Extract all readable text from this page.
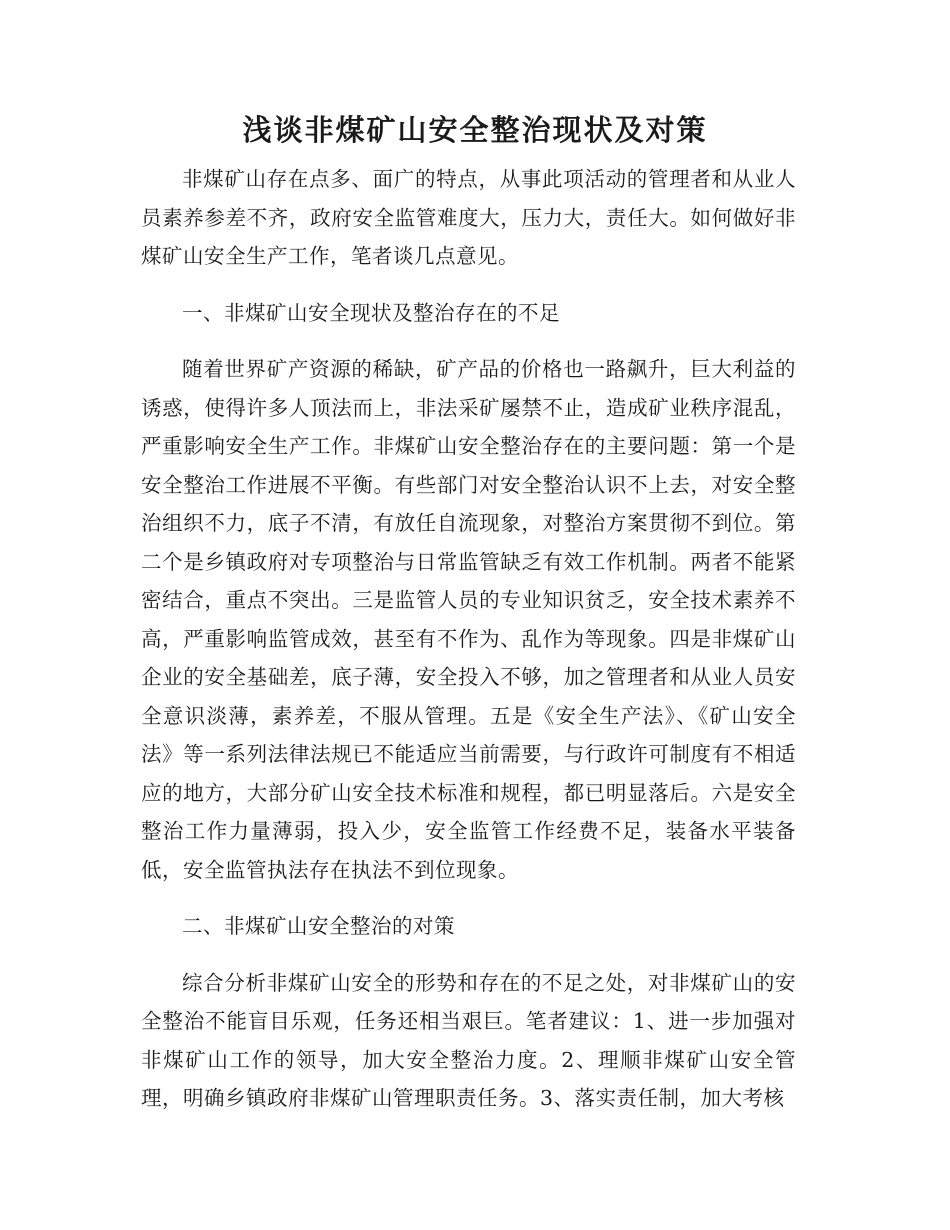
浅谈非煤矿山安全整治现状及对策

非煤矿山存在点多、面广的特点，从事此项活动的管理者和从业人员素养参差不齐，政府安全监管难度大，压力大，责任大。如何做好非煤矿山安全生产工作，笔者谈几点意见。

一、非煤矿山安全现状及整治存在的不足

随着世界矿产资源的稀缺，矿产品的价格也一路飙升，巨大利益的诱惑，使得许多人顶法而上，非法采矿屡禁不止，造成矿业秩序混乱，严重影响安全生产工作。非煤矿山安全整治存在的主要问题：第一个是安全整治工作进展不平衡。有些部门对安全整治认识不上去，对安全整治组织不力，底子不清，有放任自流现象，对整治方案贯彻不到位。第二个是乡镇政府对专项整治与日常监管缺乏有效工作机制。两者不能紧密结合，重点不突出。三是监管人员的专业知识贫乏，安全技术素养不高，严重影响监管成效，甚至有不作为、乱作为等现象。四是非煤矿山企业的安全基础差，底子薄，安全投入不够，加之管理者和从业人员安全意识淡薄，素养差，不服从管理。五是《安全生产法》、《矿山安全法》等一系列法律法规已不能适应当前需要，与行政许可制度有不相适应的地方，大部分矿山安全技术标准和规程，都已明显落后。六是安全整治工作力量薄弱，投入少，安全监管工作经费不足，装备水平装备低，安全监管执法存在执法不到位现象。

二、非煤矿山安全整治的对策

综合分析非煤矿山安全的形势和存在的不足之处，对非煤矿山的安全整治不能盲目乐观，任务还相当艰巨。笔者建议：1、进一步加强对非煤矿山工作的领导，加大安全整治力度。2、理顺非煤矿山安全管理，明确乡镇政府非煤矿山管理职责任务。3、落实责任制，加大考核
